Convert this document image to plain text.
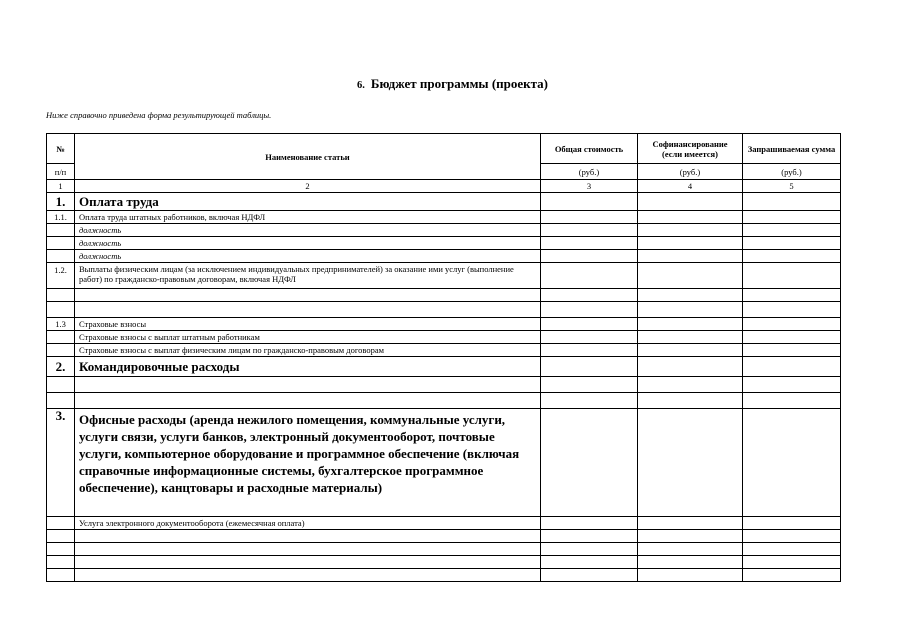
6. Бюджет программы (проекта)
Ниже справочно приведена форма результирующей таблицы.
№	Наименование статьи	Общая стоимость	Софинансирование (если имеется)	Запрашиваемая сумма
п/п		(руб.)	(руб.)	(руб.)
1	2	3	4	5
1.	Оплата труда			
1.1.	Оплата труда штатных работников, включая НДФЛ			
	должность			
	должность			
	должность			
1.2.	Выплаты физическим лицам (за исключением индивидуальных предпринимателей) за оказание ими услуг (выполнение работ) по гражданско-правовым договорам, включая НДФЛ			

1.3	Страховые взносы			
	Страховые взносы с выплат штатным работникам			
	Страховые взносы с выплат физическим лицам по гражданско-правовым договорам			
2.	Командировочные расходы			

3.	Офисные расходы (аренда нежилого помещения, коммунальные услуги, услуги связи, услуги банков, электронный документооборот, почтовые услуги, компьютерное оборудование и программное обеспечение (включая справочные информационные системы, бухгалтерское программное обеспечение), канцтовары и расходные материалы)			
	Услуга электронного документооборота (ежемесячная оплата)			
